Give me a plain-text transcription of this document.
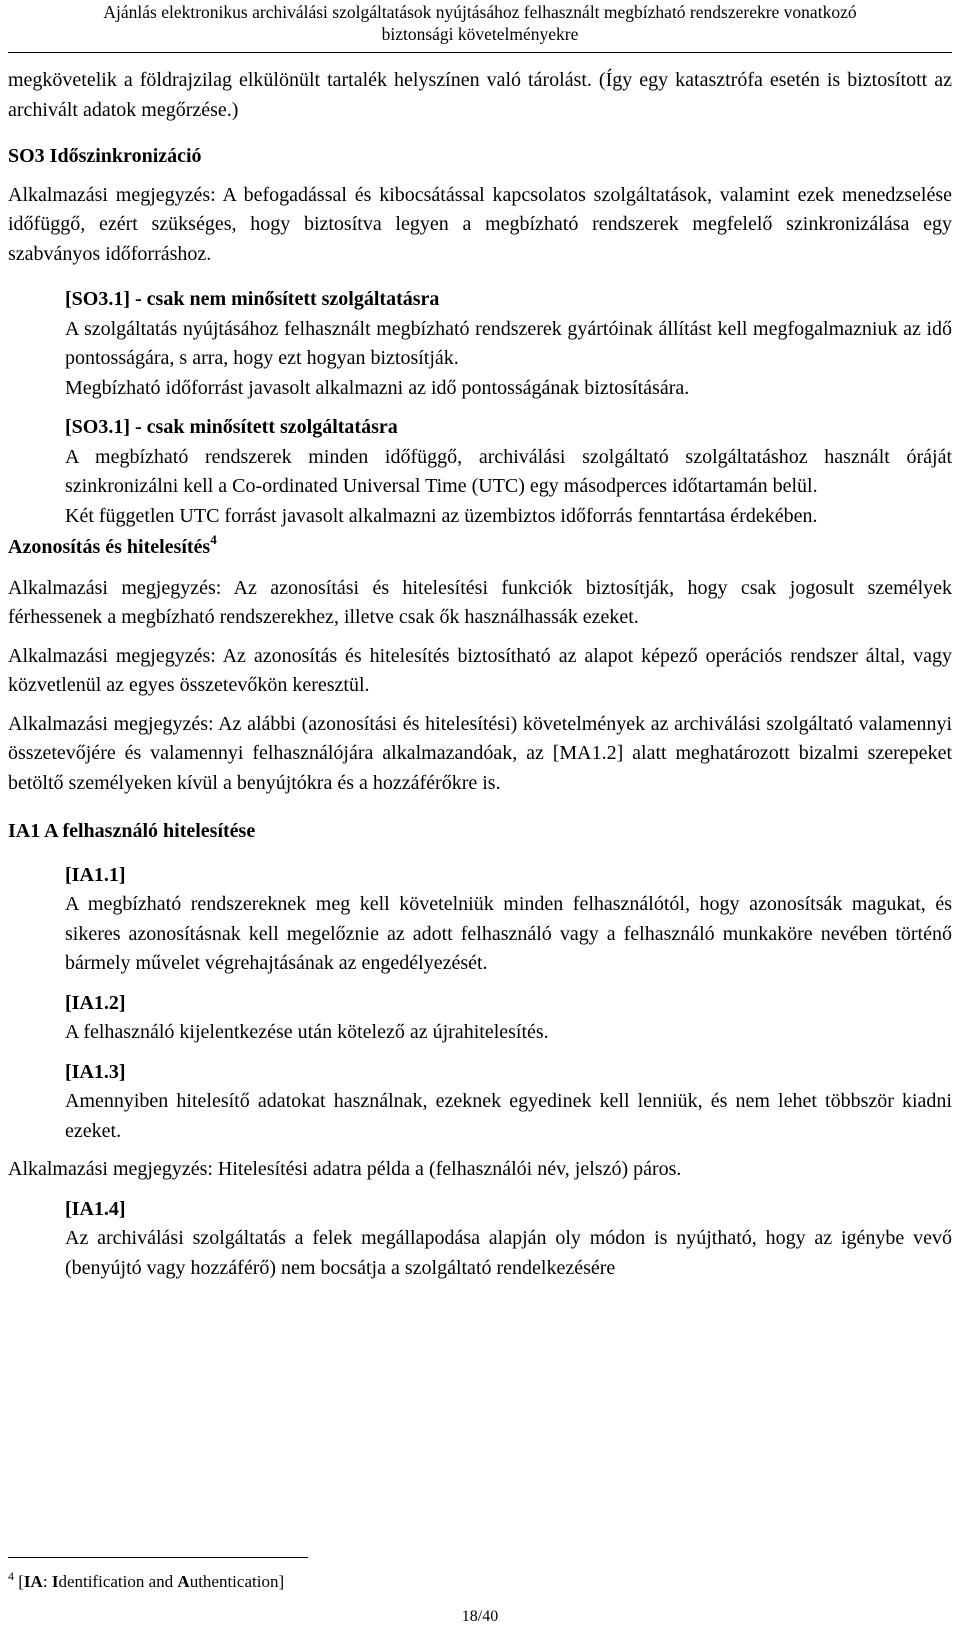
Ajánlás elektronikus archiválási szolgáltatások nyújtásához felhasznált megbízható rendszerekre vonatkozó
biztonsági követelményekre

megkövetelik a földrajzilag elkülönült tartalék helyszínen való tárolást. (Így egy katasztrófa esetén is biztosított az archivált adatok megőrzése.)

SO3 Időszinkronizáció

Alkalmazási megjegyzés: A befogadással és kibocsátással kapcsolatos szolgáltatások, valamint ezek menedzselése időfüggő, ezért szükséges, hogy biztosítva legyen a megbízható rendszerek megfelelő szinkronizálása egy szabványos időforráshoz.

[SO3.1] - csak nem minősített szolgáltatásra

A szolgáltatás nyújtásához felhasznált megbízható rendszerek gyártóinak állítást kell megfogalmazniuk az idő pontosságára, s arra, hogy ezt hogyan biztosítják.

Megbízható időforrást javasolt alkalmazni az idő pontosságának biztosítására.

[SO3.1] - csak minősített szolgáltatásra

A megbízható rendszerek minden időfüggő, archiválási szolgáltató szolgáltatáshoz használt óráját szinkronizálni kell a Co-ordinated Universal Time (UTC) egy másodperces időtartamán belül.

Két független UTC forrást javasolt alkalmazni az üzembiztos időforrás fenntartása érdekében.

Azonosítás és hitelesítés$^4$

Alkalmazási megjegyzés: Az azonosítási és hitelesítési funkciók biztosítják, hogy csak jogosult személyek férhessenek a megbízható rendszerekhez, illetve csak ők használhassák ezeket.

Alkalmazási megjegyzés: Az azonosítás és hitelesítés biztosítható az alapot képező operációs rendszer által, vagy közvetlenül az egyes összetevőkön keresztül.

Alkalmazási megjegyzés: Az alábbi (azonosítási és hitelesítési) követelmények az archiválási szolgáltató valamennyi összetevőjére és valamennyi felhasználójára alkalmazandóak, az [MA1.2] alatt meghatározott bizalmi szerepeket betöltő személyeken kívül a benyújtókra és a hozzáférőkre is.

IA1 A felhasználó hitelesítése

[IA1.1]

A megbízható rendszereknek meg kell követelniük minden felhasználótól, hogy azonosítsák magukat, és sikeres azonosításnak kell megelőznie az adott felhasználó vagy a felhasználó munkaköre nevében történő bármely művelet végrehajtásának az engedélyezését.

[IA1.2]

A felhasználó kijelentkezése után kötelező az újrahitelesítés.

[IA1.3]

Amennyiben hitelesítő adatokat használnak, ezeknek egyedinek kell lenniük, és nem lehet többször kiadni ezeket.

Alkalmazási megjegyzés: Hitelesítési adatra példa a (felhasználói név, jelszó) páros.

[IA1.4]

Az archiválási szolgáltatás a felek megállapodása alapján oly módon is nyújtható, hogy az igénybe vevő (benyújtó vagy hozzáférő) nem bocsátja a szolgáltató rendelkezésére

$^4$ [IA: Identification and Authentication]
18/40
